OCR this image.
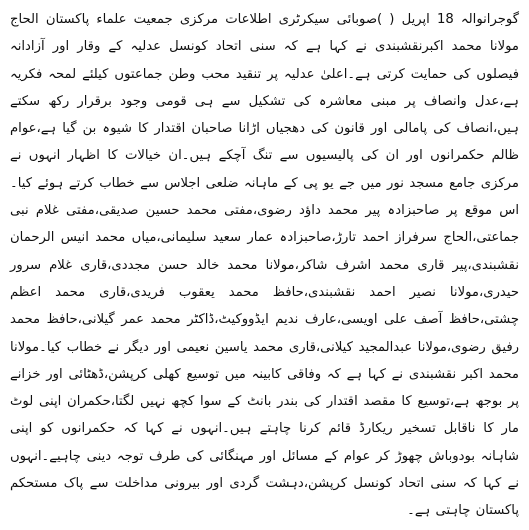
گوجرانوالہ 18 اپریل ( )صوبائی سیکرٹری اطلاعات مرکزی جمعیت علماء پاکستان الحاج مولانا محمد اکبرنقشبندی نے کہا ہے کہ سنی اتحاد کونسل عدلیہ کے وقار اور آزادانہ فیصلوں کی حمایت کرتی ہے۔اعلیٰ عدلیہ پر تنقید محب وطن جماعتوں کیلئے لمحہ فکریہ ہے،عدل وانصاف پر مبنی معاشرہ کی تشکیل سے ہی قومی وجود برقرار رکھ سکتے ہیں،انصاف کی پامالی اور قانون کی دھجیاں اڑانا صاحبان اقتدار کا شیوہ بن گیا ہے،عوام ظالم حکمرانوں اور ان کی پالیسیوں سے تنگ آچکے ہیں۔ان خیالات کا اظہار انہوں نے مرکزی جامع مسجد نور میں جے یو پی کے ماہانہ ضلعی اجلاس سے خطاب کرتے ہوئے کیا۔اس موقع پر صاحبزادہ پیر محمد داؤد رضوی،مفتی محمد حسین صدیقی،مفتی غلام نبی جماعتی،الحاج سرفراز احمد تارڑ،صاحبزادہ عمار سعید سلیمانی،میاں محمد انیس الرحمان نقشبندی،پیر قاری محمد اشرف شاکر،مولانا محمد خالد حسن مجددی،قاری غلام سرور حیدری،مولانا نصیر احمد نقشبندی،حافظ محمد یعقوب فریدی،قاری محمد اعظم چشتی،حافظ آصف علی اویسی،عارف ندیم ایڈووکیٹ،ڈاکٹر محمد عمر گیلانی،حافظ محمد رفیق رضوی،مولانا عبدالمجید کیلانی،قاری محمد یاسین نعیمی اور دیگر نے خطاب کیا۔مولانا محمد اکبر نقشبندی نے کہا ہے کہ وفاقی کابینہ میں توسیع کھلی کرپشن،ڈھٹائی اور خزانے پر بوجھ ہے،توسیع کا مقصد اقتدار کی بندر بانٹ کے سوا کچھ نہیں لگتا،حکمران اپنی لوٹ مار کا ناقابل تسخیر ریکارڈ قائم کرنا چاہتے ہیں۔انہوں نے کہا کہ حکمرانوں کو اپنی شاہانہ بودوباش چھوڑ کر عوام کے مسائل اور مہنگائی کی طرف توجہ دینی چاہیے۔انہوں نے کہا کہ سنی اتحاد کونسل کرپشن،دہشت گردی اور بیرونی مداخلت سے پاک مستحکم پاکستان چاہتی ہے۔
